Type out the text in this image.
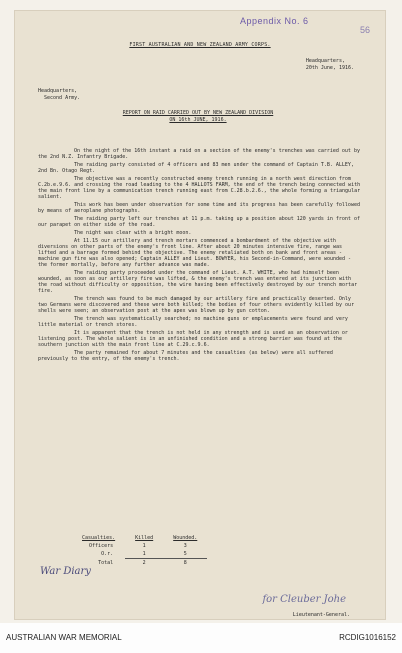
Appendix No. 6
56
FIRST AUSTRALIAN AND NEW ZEALAND ARMY CORPS.
Headquarters,
20th June, 1916.
Headquarters,
Second Army.
REPORT ON RAID CARRIED OUT BY NEW ZEALAND DIVISION
ON 16th JUNE, 1916.

On the night of the 16th instant a raid on a section of the enemy's trenches was carried out by the 2nd N.Z. Infantry Brigade.

The raiding party consisted of 4 officers and 83 men under the command of Captain T.B. ALLEY, 2nd Bn. Otago Regt.

The objective was a recently constructed enemy trench running in a north west direction from C.2b.e.9.6. and crossing the road leading to the 4 HALLOTS FARM, the end of the trench being connected with the main front line by a communication trench running east from C.28.b.2.6., the whole forming a triangular salient.

This work has been under observation for some time and its progress has been carefully followed by means of aeroplane photographs.

The raiding party left our trenches at 11 p.m. taking up a position about 120 yards in front of our parapet on either side of the road.

The night was clear with a bright moon.

At 11.15 our artillery and trench mortars commenced a bombardment of the objective with diversions on other parts of the enemy's front line. After about 20 minutes intensive fire, range was lifted and a barrage formed behind the objective. The enemy retaliated both on bank and front areas - machine gun fire was also opened; Captain ALLEY and Lieut. BOWYER, his Second-in-Command, were wounded - the former mortally, before any further advance was made.

The raiding party proceeded under the command of Lieut. A.T. WHITE, who had himself been wounded, as soon as our artillery fire was lifted, & the enemy's trench was entered at its junction with the road without difficulty or opposition, the wire having been effectively destroyed by our trench mortar fire.

The trench was found to be much damaged by our artillery fire and practically deserted. Only two Germans were discovered and these were both killed; the bodies of four others evidently killed by our shells were seen; an observation post at the apex was blown up by gun cotton.

The trench was systematically searched; no machine guns or emplacements were found and very little material or trench stores.

It is apparent that the trench is not held in any strength and is used as an observation or listening post. The whole salient is in an unfinished condition and a strong barrier was found at the southern junction with the main front line at C.29.c.9.6.

The party remained for about 7 minutes and the casualties (as below) were all suffered previously to the entry, of the enemy's trench.

Casualties.	Killed	Wounded.
Officers	1	3
O.r.	1	5
Total	2	8
War Diary
for Cleuber Johe
Lieutenant-General.
AUSTRALIAN WAR MEMORIAL	RCDIG1016152
